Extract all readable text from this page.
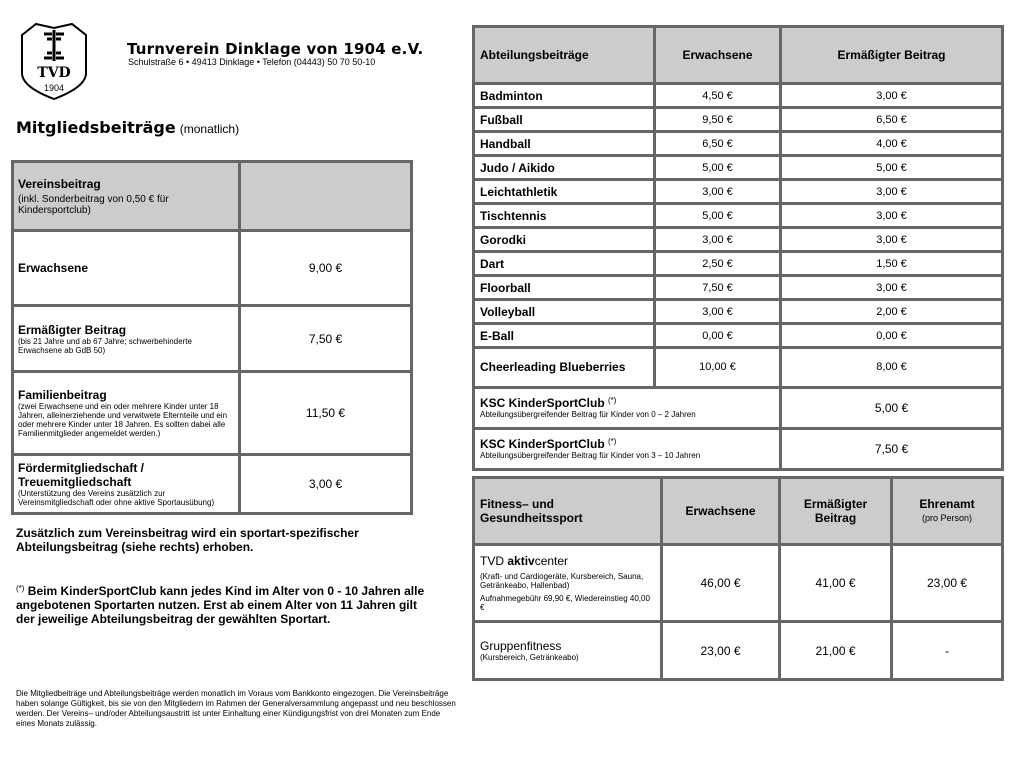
TVD
1904
Turnverein Dinklage von 1904 e.V.
Schulstraße 6 • 49413 Dinklage • Telefon (04443) 50 70 50-10
Mitgliedsbeiträge (monatlich)
Vereinsbeitrag
(inkl. Sonderbeitrag von 0,50 € für Kindersportclub)	

Erwachsene	9,00 €

Ermäßigter Beitrag
(bis 21 Jahre und ab 67 Jahre; schwerbehinderte Erwachsene ab GdB 50)	7,50 €

Familienbeitrag
(zwei Erwachsene und ein oder mehrere Kinder unter 18 Jahren, alleinerziehende und verwitwete Elternteile und ein oder mehrere Kinder unter 18 Jahren. Es sollten dabei alle Familienmitglieder angemeldet werden.)	11,50 €

Fördermitgliedschaft / Treuemitgliedschaft
(Unterstützung des Vereins zusätzlich zur Vereinsmitgliedschaft oder ohne aktive Sportausübung)	3,00 €
Zusätzlich zum Vereinsbeitrag wird ein sportart-spezifischer Abteilungsbeitrag (siehe rechts) erhoben.
(*) Beim KinderSportClub kann jedes Kind im Alter von 0 - 10 Jahren alle angebotenen Sportarten nutzen. Erst ab einem Alter von 11 Jahren gilt der jeweilige Abteilungsbeitrag der gewählten Sportart.
Die Mitgliedbeiträge und Abteilungsbeiträge werden monatlich im Voraus vom Bankkonto eingezogen. Die Vereinsbeiträge haben solange Gültigkeit, bis sie von den Mitgliedern im Rahmen der Generalversammlung angepasst und neu beschlossen werden. Der Vereins– und/oder Abteilungsaustritt ist unter Einhaltung einer Kündigungsfrist von drei Monaten zum Ende eines Monats zulässig.
Abteilungsbeiträge	Erwachsene	Ermäßigter Beitrag
Badminton	4,50 €	3,00 €
Fußball	9,50 €	6,50 €
Handball	6,50 €	4,00 €
Judo / Aikido	5,00 €	5,00 €
Leichtathletik	3,00 €	3,00 €
Tischtennis	5,00 €	3,00 €
Gorodki	3,00 €	3,00 €
Dart	2,50 €	1,50 €
Floorball	7,50 €	3,00 €
Volleyball	3,00 €	2,00 €
E-Ball	0,00 €	0,00 €
Cheerleading Blueberries	10,00 €	8,00 €

KSC KinderSportClub (*)
Abteilungsübergreifender Beitrag für Kinder von 0 – 2 Jahren		5,00 €

KSC KinderSportClub (*)
Abteilungsübergreifender Beitrag für Kinder von 3 – 10 Jahren		7,50 €
Fitness– und Gesundheitssport	Erwachsene	Ermäßigter Beitrag	Ehrenamt
(pro Person)

TVD aktivcenter
(Kraft- und Cardiogeräte, Kursbereich, Sauna, Getränkeabo, Hallenbad)
Aufnahmegebühr 69,90 €, Wiedereinstieg 40,00 €	46,00 €	41,00 €	23,00 €

Gruppenfitness
(Kursbereich, Getränkeabo)	23,00 €	21,00 €	-
